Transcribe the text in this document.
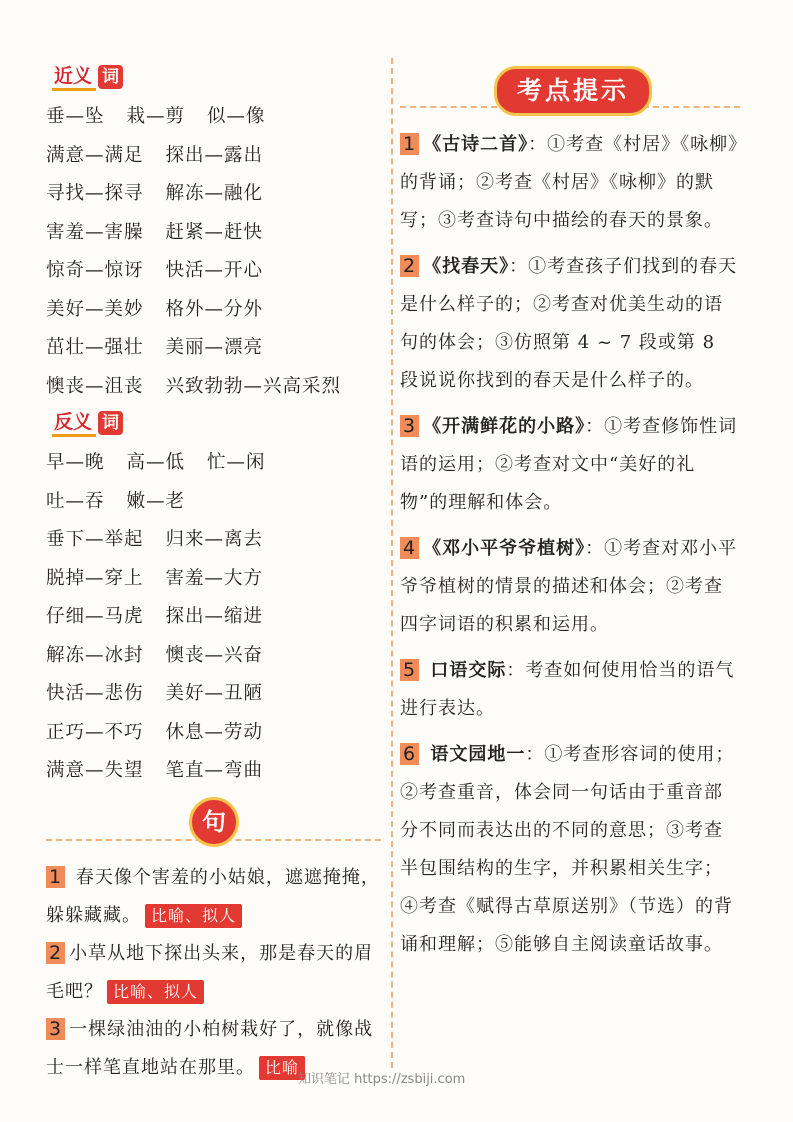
近义 词
垂—坠 栽—剪 似—像
满意—满足 探出—露出
寻找—探寻 解冻—融化
害羞—害臊 赶紧—赶快
惊奇—惊讶 快活—开心
美好—美妙 格外—分外
茁壮—强壮 美丽—漂亮
懊丧—沮丧 兴致勃勃—兴高采烈
反义 词
早—晚 高—低 忙—闲
吐—吞 嫩—老
垂下—举起 归来—离去
脱掉—穿上 害羞—大方
仔细—马虎 探出—缩进
解冻—冰封 懊丧—兴奋
快活—悲伤 美好—丑陋
正巧—不巧 休息—劳动
满意—失望 笔直—弯曲
句
1 春天像个害羞的小姑娘，遮遮掩掩，躲躲藏藏。 比喻、拟人
2 小草从地下探出头来，那是春天的眉毛吧？ 比喻、拟人
3 一棵绿油油的小柏树栽好了，就像战士一样笔直地站在那里。 比喻
考点提示
1 《古诗二首》：①考查《村居》《咏柳》的背诵；②考查《村居》《咏柳》的默写；③考查诗句中描绘的春天的景象。
2 《找春天》：①考查孩子们找到的春天是什么样子的；②考查对优美生动的语句的体会；③仿照第 4 ~ 7 段或第 8 段说说你找到的春天是什么样子的。
3 《开满鲜花的小路》：①考查修饰性词语的运用；②考查对文中“美好的礼物”的理解和体会。
4 《邓小平爷爷植树》：①考查对邓小平爷爷植树的情景的描述和体会；②考查四字词语的积累和运用。
5 口语交际：考查如何使用恰当的语气进行表达。
6 语文园地一：①考查形容词的使用；②考查重音，体会同一句话由于重音部分不同而表达出的不同的意思；③考查半包围结构的生字，并积累相关生字；④考查《赋得古草原送别》（节选）的背诵和理解；⑤能够自主阅读童话故事。
知识笔记 https://zsbiji.com
